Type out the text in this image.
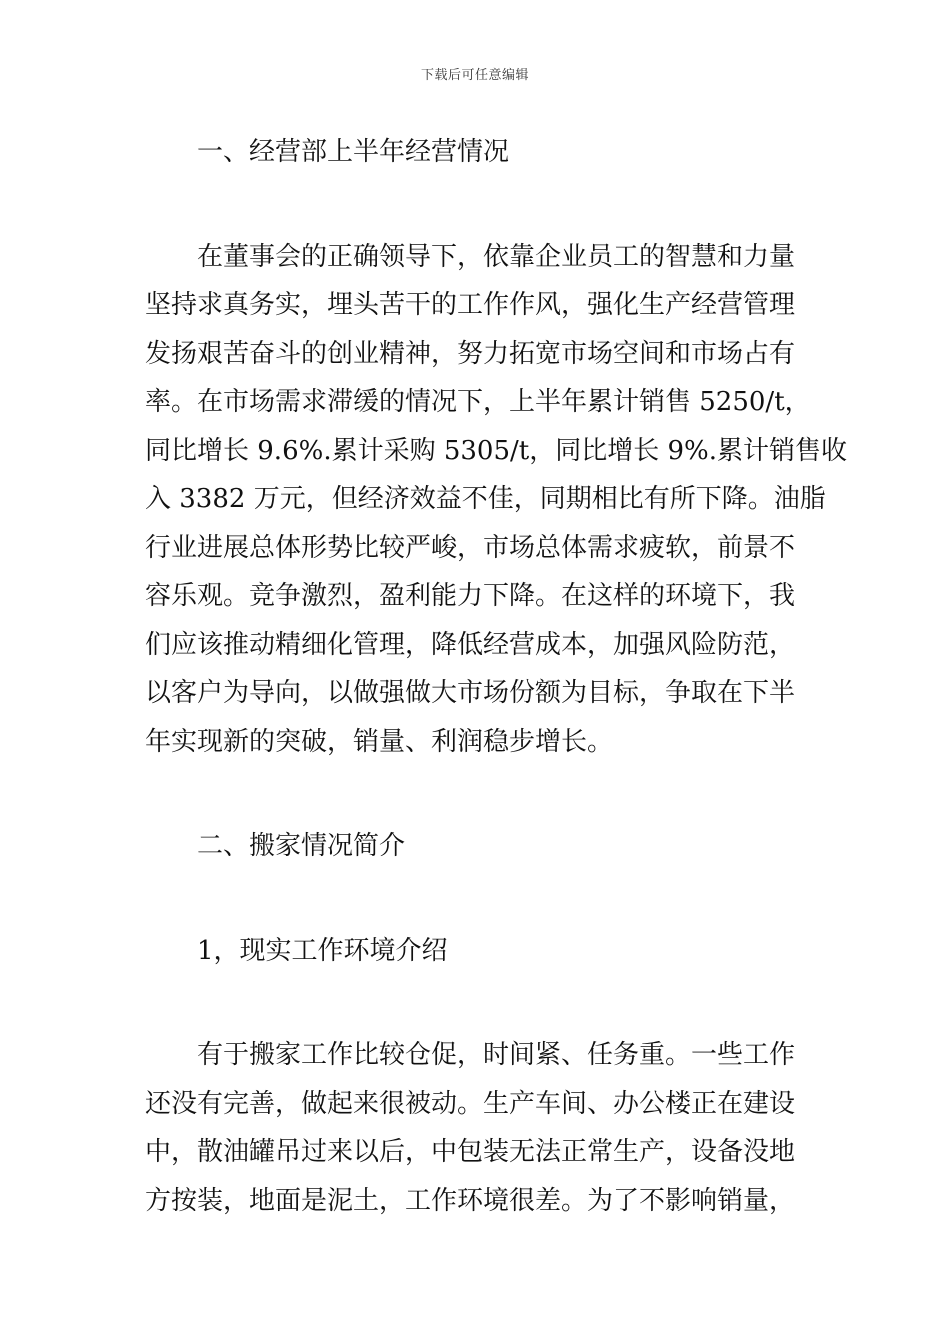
下载后可任意编辑

一、经营部上半年经营情况

在董事会的正确领导下，依靠企业员工的智慧和力量

坚持求真务实，埋头苦干的工作作风，强化生产经营管理

发扬艰苦奋斗的创业精神，努力拓宽市场空间和市场占有

率。在市场需求滞缓的情况下，上半年累计销售 5250/t，

同比增长 9.6%.累计采购 5305/t，同比增长 9%.累计销售收

入 3382 万元，但经济效益不佳，同期相比有所下降。油脂

行业进展总体形势比较严峻，市场总体需求疲软，前景不

容乐观。竞争激烈，盈利能力下降。在这样的环境下，我

们应该推动精细化管理，降低经营成本，加强风险防范，

以客户为导向，以做强做大市场份额为目标，争取在下半

年实现新的突破，销量、利润稳步增长。

二、搬家情况简介

1，现实工作环境介绍

有于搬家工作比较仓促，时间紧、任务重。一些工作

还没有完善，做起来很被动。生产车间、办公楼正在建设

中，散油罐吊过来以后，中包装无法正常生产，设备没地

方按装，地面是泥土，工作环境很差。为了不影响销量，
